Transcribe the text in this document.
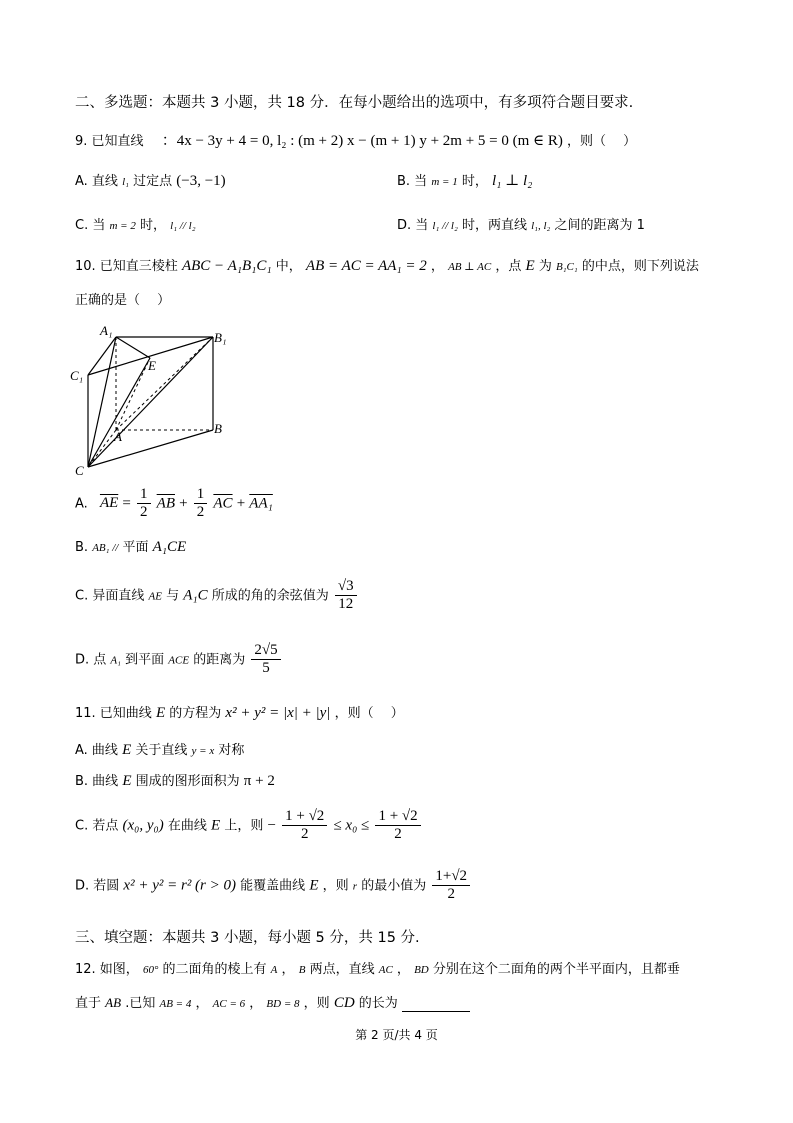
二、多选题：本题共 3 小题，共 18 分．在每小题给出的选项中，有多项符合题目要求.
9. 已知直线 ：4x − 3y + 4 = 0, l₂ : (m + 2) x − (m + 1) y + 2m + 5 = 0 (m ∈ R) ，则（　 ）
A. 直线 l₁ 过定点 (−3, −1)	B. 当 m = 1 时， l₁ ⊥ l₂
C. 当 m = 2 时， l₁ // l₂	D. 当 l₁ // l₂ 时，两直线 l₁, l₂ 之间的距离为 1
10. 已知直三棱柱 ABC − A₁B₁C₁ 中， AB = AC = AA₁ = 2 ， AB ⊥ AC ，点 E 为 B₁C₁ 的中点，则下列说法
正确的是（　 ）
A₁	B₁
C₁
E
A
B
C
A. $\overline{AE} = \frac{1}{2} \overline{AB} + \frac{1}{2} \overline{AC} + AA_1$
B. AB₁ // 平面 A₁CE
C. 异面直线 AE 与 A₁C 所成的角的余弦值为 $\frac{√3}{12}$
D. 点 A₁ 到平面 ACE 的距离为 $\frac{2√5}{5}$
11. 已知曲线 E 的方程为 x² + y² = |x| + |y| ，则（　 ）
A. 曲线 E 关于直线 y = x 对称
B. 曲线 E 围成的图形面积为 π + 2
C. 若点 (x₀, y₀) 在曲线 E 上，则 − $\frac{1 + √2}{2} \le x_0 \le \frac{1 + √2}{2}$
D. 若圆 x² + y² = r² (r > 0) 能覆盖曲线 E ，则 r 的最小值为 $\frac{1+√2}{2}$
三、填空题：本题共 3 小题，每小题 5 分，共 15 分.
12. 如图， 60° 的二面角的棱上有 A ， B 两点，直线 AC ， BD 分别在这个二面角的两个半平面内，且都垂
直于 AB .已知 AB = 4 ， AC = 6 ， BD = 8 ，则 CD 的长为
第 2 页/共 4 页
